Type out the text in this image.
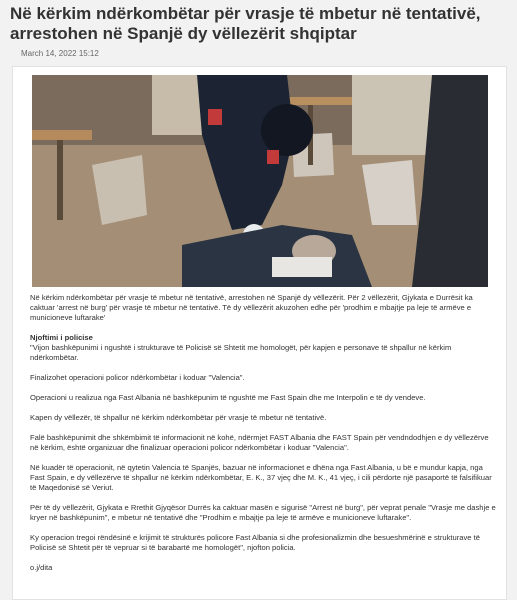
Në kërkim ndërkombëtar për vrasje të mbetur në tentativë, arrestohen në Spanjë dy vëllezërit shqiptar
March 14, 2022 15:12

Në kërkim ndërkombëtar për vrasje të mbetur në tentativë, arrestohen në Spanjë dy vëllezërit. Për 2 vëllezërit, Gjykata e Durrësit ka caktuar 'arrest në burg' për vrasje të mbetur në tentativë. Të dy vëllezërit akuzohen edhe për 'prodhim e mbajtje pa leje të armëve e municioneve luftarake'

Njoftimi i policise

"Vijon bashkëpunimi i ngushtë i strukturave të Policisë së Shtetit me homologët, për kapjen e personave të shpallur në kërkim ndërkombëtar.

Finalizohet operacioni policor ndërkombëtar i koduar "Valencia".

Operacioni u realizua nga Fast Albania në bashkëpunim të ngushtë me Fast Spain dhe me Interpolin e të dy vendeve.

Kapen dy vëllezër, të shpallur në kërkim ndërkombëtar për vrasje të mbetur në tentativë.

Falë bashkëpunimit dhe shkëmbimit të informacionit në kohë, ndërmjet FAST Albania dhe FAST Spain për vendndodhjen e dy vëllezërve në kërkim, është organizuar dhe finalizuar operacioni policor ndërkombëtar i koduar "Valencia".

Në kuadër të operacionit, në qytetin Valencia të Spanjës, bazuar në informacionet e dhëna nga Fast Albania, u bë e mundur kapja, nga Fast Spain, e dy vëllezërve të shpallur në kërkim ndërkombëtar, E. K., 37 vjeç dhe M. K., 41 vjeç, i cili përdorte një pasaportë të falsifikuar të Maqedonisë së Veriut.

Për të dy vëllezërit, Gjykata e Rrethit Gjyqësor Durrës ka caktuar masën e sigurisë "Arrest në burg", për veprat penale "Vrasje me dashje e kryer në bashkëpunim", e mbetur në tentativë dhe "Prodhim e mbajtje pa leje të armëve e municioneve luftarake".

Ky operacion tregoi rëndësinë e krijimit të strukturës policore Fast Albania si dhe profesionalizmin dhe besueshmërinë e strukturave të Policisë së Shtetit për të vepruar si të barabartë me homologët", njofton policia.

o.j/dita
